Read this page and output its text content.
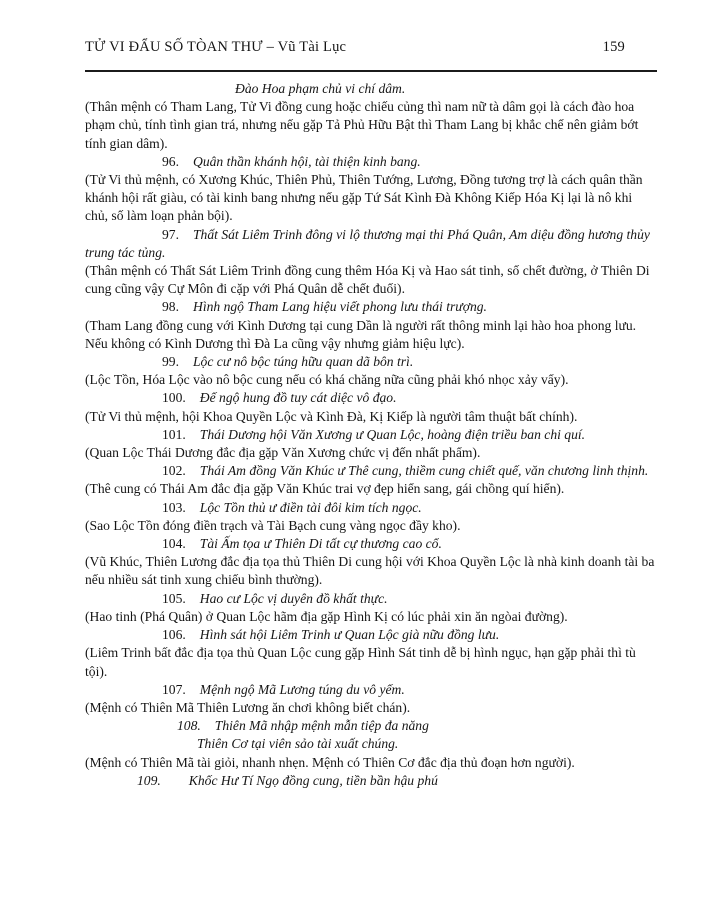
TỬ VI ĐẨU SỐ TÒAN THƯ – Vũ Tài Lục	159

Đào Hoa phạm chủ vi chí dâm.

(Thân mệnh có Tham Lang, Tử Vi đồng cung hoặc chiếu củng thì nam nữ tà dâm gọi là cách đào hoa phạm chủ, tính tình gian trá, nhưng nếu gặp Tả Phủ Hữu Bật thì Tham Lang bị khắc chế nên giảm bớt tính gian dâm).

96. Quân thần khánh hội, tài thiện kinh bang.

(Tử Vi thủ mệnh, có Xương Khúc, Thiên Phủ, Thiên Tướng, Lương, Đồng tương trợ là cách quân thần khánh hội rất giàu, có tài kinh bang nhưng nếu gặp Tứ Sát Kình Đà Không Kiếp Hóa Kị lại là nô khi chủ, số làm loạn phản bội).

97. Thất Sát Liêm Trinh đông vi lộ thương mại thi Phá Quân, Am diệu đồng hương thủy trung tác tủng.

(Thân mệnh có Thất Sát Liêm Trinh đồng cung thêm Hóa Kị và Hao sát tinh, số chết đường, ở Thiên Di cung cũng vậy Cự Môn đi cặp với Phá Quân dễ chết đuối).

98. Hình ngộ Tham Lang hiệu viết phong lưu thái trượng.

(Tham Lang đồng cung với Kình Dương tại cung Dần là người rất thông minh lại hào hoa phong lưu. Nếu không có Kình Dương thì Đà La cũng vậy nhưng giảm hiệu lực).

99. Lộc cư nô bộc túng hữu quan dã bôn trì.

(Lộc Tồn, Hóa Lộc vào nô bộc cung nếu có khá chăng nữa cũng phải khó nhọc xảy vẩy).

100. Đế ngộ hung đồ tuy cát diệc vô đạo.

(Tử Vi thủ mệnh, hội Khoa Quyền Lộc và Kình Đà, Kị Kiếp là người tâm thuật bất chính).

101. Thái Dương hội Văn Xương ư Quan Lộc, hoàng điện triều ban chi quí.

(Quan Lộc Thái Dương đắc địa gặp Văn Xương chức vị đến nhất phẩm).

102. Thái Am đồng Văn Khúc ư Thê cung, thiềm cung chiết quế, văn chương linh thịnh.

(Thê cung có Thái Am đắc địa gặp Văn Khúc trai vợ đẹp hiển sang, gái chồng quí hiển).

103. Lộc Tồn thủ ư điền tài đôi kim tích ngọc.

(Sao Lộc Tồn đóng điền trạch và Tài Bạch cung vàng ngọc đầy kho).

104. Tài Ấm tọa ư Thiên Di tất cự thương cao cổ.

(Vũ Khúc, Thiên Lương đắc địa tọa thủ Thiên Di cung hội với Khoa Quyền Lộc là nhà kinh doanh tài ba nếu nhiều sát tinh xung chiếu bình thường).

105. Hao cư Lộc vị duyên đồ khất thực.

(Hao tinh (Phá Quân) ở Quan Lộc hãm địa gặp Hình Kị có lúc phải xin ăn ngòai đường).

106. Hình sát hội Liêm Trinh ư Quan Lộc già nữu đồng lưu.

(Liêm Trinh bất đắc địa tọa thủ Quan Lộc cung gặp Hình Sát tinh dễ bị hình ngục, hạn gặp phải thì tù tội).

107. Mệnh ngộ Mã Lương túng du vô yếm.

(Mệnh có Thiên Mã Thiên Lương ăn chơi không biết chán).

108. Thiên Mã nhập mệnh mẫn tiệp đa năng
Thiên Cơ tại viên sảo tài xuất chúng.

(Mệnh có Thiên Mã tài giỏi, nhanh nhẹn. Mệnh có Thiên Cơ đắc địa thủ đoạn hơn người).

109. Khốc Hư Tí Ngọ đồng cung, tiền bần hậu phú
